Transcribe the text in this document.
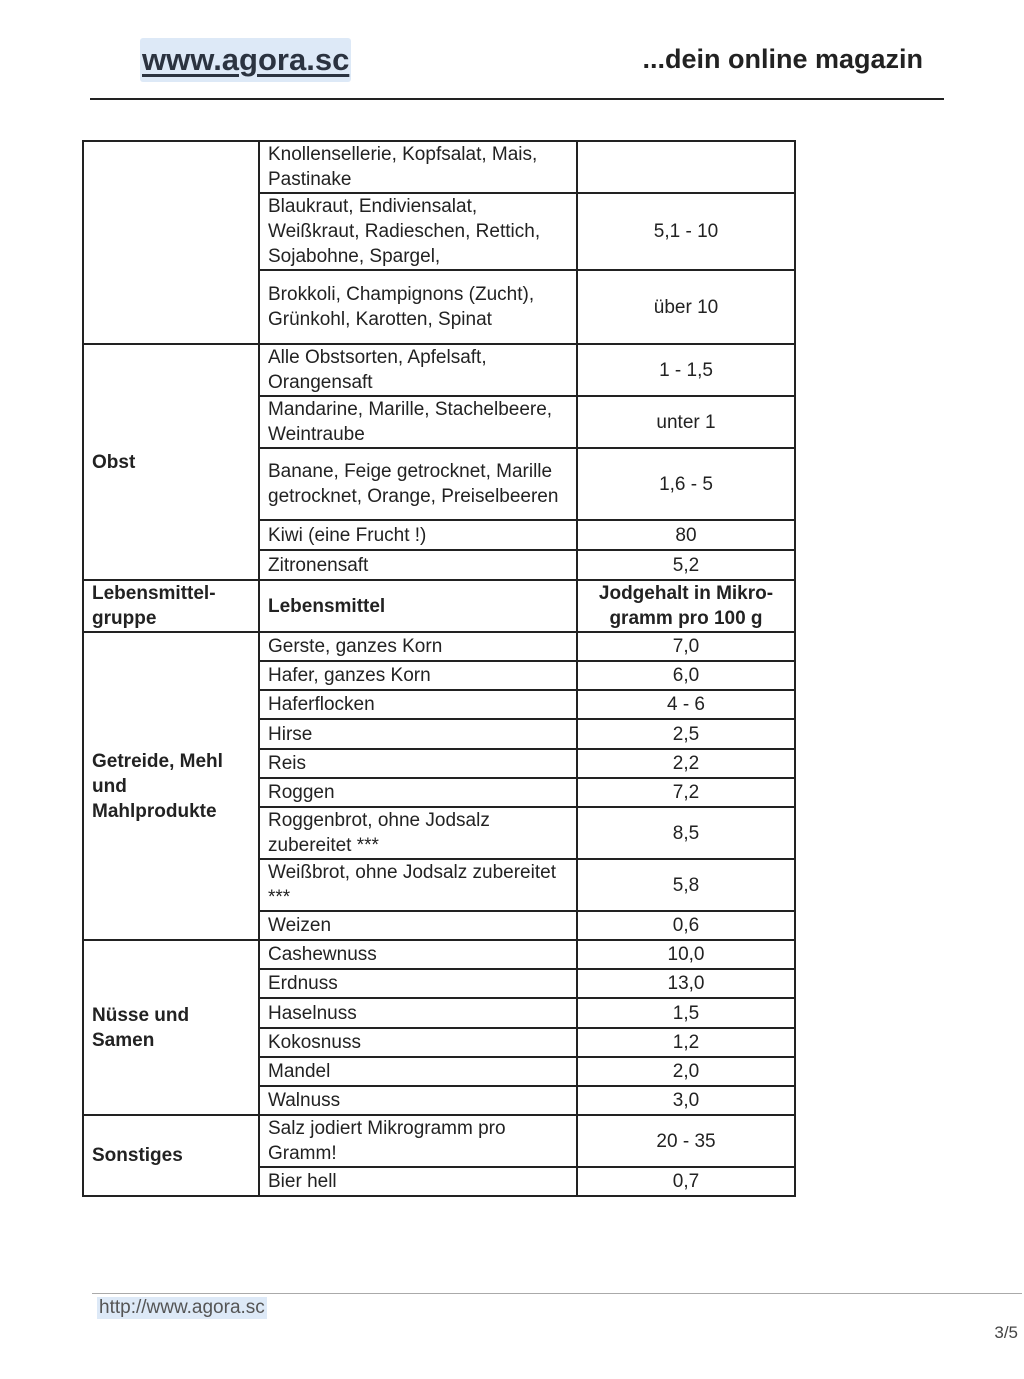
www.agora.sc	...dein online magazin
	Knollensellerie, Kopfsalat, Mais, Pastinake	
	Blaukraut, Endiviensalat, Weißkraut, Radieschen, Rettich, Sojabohne, Spargel,	5,1 - 10
	Brokkoli, Champignons (Zucht), Grünkohl, Karotten, Spinat	über 10
Obst	Alle Obstsorten, Apfelsaft, Orangensaft	1 - 1,5
	Mandarine, Marille, Stachelbeere, Weintraube	unter 1
	Banane, Feige getrocknet, Marille getrocknet, Orange, Preiselbeeren	1,6 - 5
	Kiwi (eine Frucht !)	80
	Zitronensaft	5,2
Lebensmittel-gruppe	Lebensmittel	Jodgehalt in Mikro-gramm pro 100 g
Getreide, Mehl und Mahlprodukte	Gerste, ganzes Korn	7,0
	Hafer, ganzes Korn	6,0
	Haferflocken	4 - 6
	Hirse	2,5
	Reis	2,2
	Roggen	7,2
	Roggenbrot, ohne Jodsalz zubereitet ***	8,5
	Weißbrot, ohne Jodsalz zubereitet ***	5,8
	Weizen	0,6
Nüsse und Samen	Cashewnuss	10,0
	Erdnuss	13,0
	Haselnuss	1,5
	Kokosnuss	1,2
	Mandel	2,0
	Walnuss	3,0
Sonstiges	Salz jodiert Mikrogramm pro Gramm!	20 - 35
	Bier hell	0,7
http://www.agora.sc
3/5
